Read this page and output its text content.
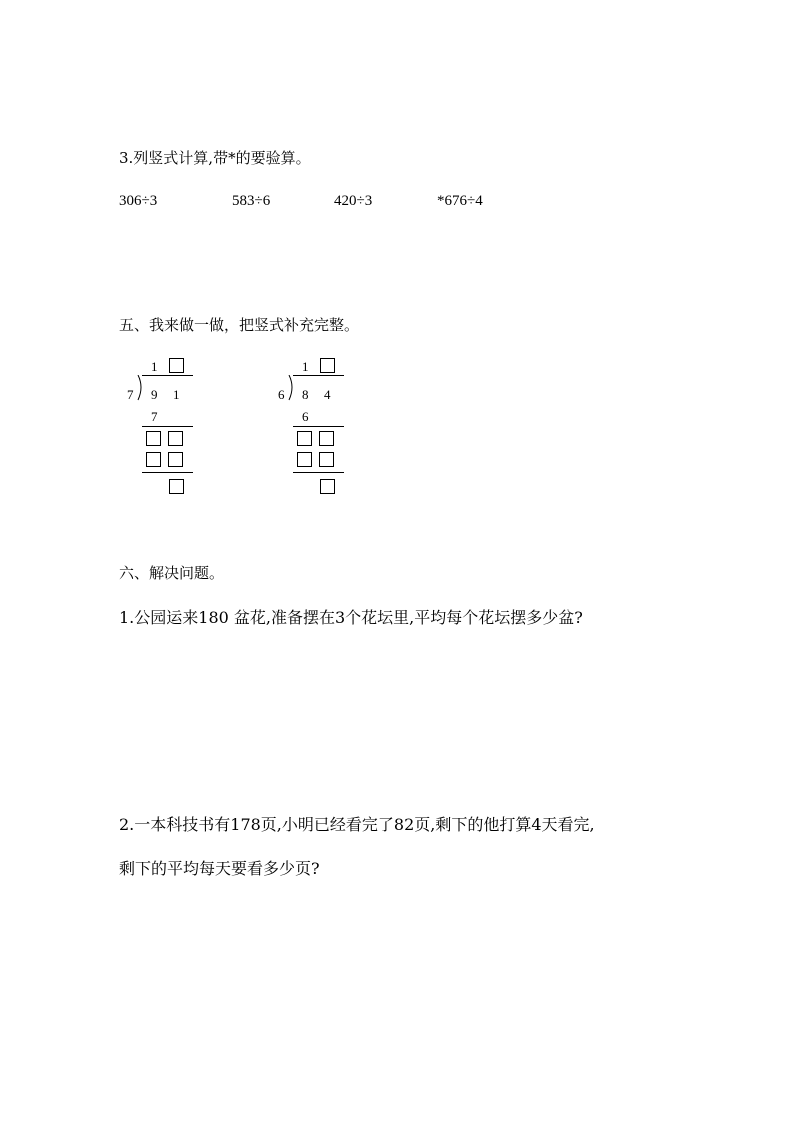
3.列竖式计算,带*的要验算。
306÷3	583÷6	420÷3	*676÷4
五、我来做一做，把竖式补充完整。
1
7 9 1
7
1
6 8 4
6
六、解决问题。
1.公园运来180 盆花,准备摆在3个花坛里,平均每个花坛摆多少盆?
2.一本科技书有178页,小明已经看完了82页,剩下的他打算4天看完,
剩下的平均每天要看多少页?
